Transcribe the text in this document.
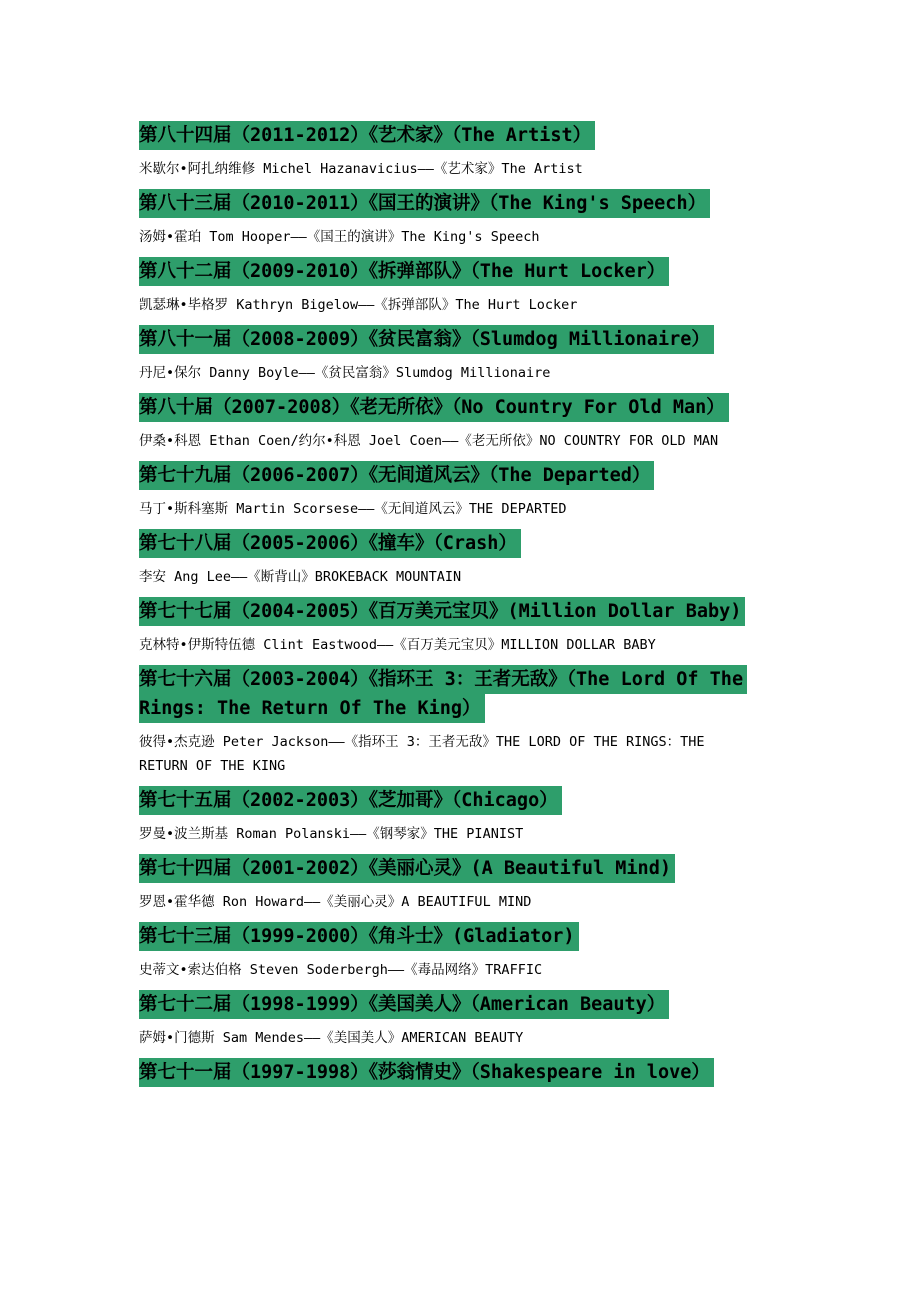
第八十四届（2011-2012）《艺术家》（The Artist）
米歇尔•阿扎纳维修 Michel Hazanavicius——《艺术家》The Artist
第八十三届（2010-2011）《国王的演讲》（The King's Speech）
汤姆•霍珀 Tom Hooper——《国王的演讲》The King's Speech
第八十二届（2009-2010）《拆弹部队》（The Hurt Locker）
凯瑟琳•毕格罗 Kathryn Bigelow——《拆弹部队》The Hurt Locker
第八十一届（2008-2009）《贫民富翁》（Slumdog Millionaire）
丹尼•保尔 Danny Boyle——《贫民富翁》Slumdog Millionaire
第八十届（2007-2008）《老无所依》（No Country For Old Man）
伊桑•科恩 Ethan Coen/约尔•科恩 Joel Coen——《老无所依》NO COUNTRY FOR OLD MAN
第七十九届（2006-2007）《无间道风云》（The Departed）
马丁•斯科塞斯 Martin Scorsese——《无间道风云》THE DEPARTED
第七十八届（2005-2006）《撞车》（Crash）
李安 Ang Lee——《断背山》BROKEBACK MOUNTAIN
第七十七届（2004-2005）《百万美元宝贝》(Million Dollar Baby)
克林特•伊斯特伍德 Clint Eastwood——《百万美元宝贝》MILLION DOLLAR BABY
第七十六届（2003-2004）《指环王 3：王者无敌》（The Lord Of The
Rings: The Return Of The King）
彼得•杰克逊 Peter Jackson——《指环王 3：王者无敌》THE LORD OF THE RINGS：THE
RETURN OF THE KING
第七十五届（2002-2003）《芝加哥》（Chicago）
罗曼•波兰斯基 Roman Polanski——《钢琴家》THE PIANIST
第七十四届（2001-2002）《美丽心灵》(A Beautiful Mind)
罗恩•霍华德 Ron Howard——《美丽心灵》A BEAUTIFUL MIND
第七十三届（1999-2000）《角斗士》(Gladiator)
史蒂文•索达伯格 Steven Soderbergh——《毒品网络》TRAFFIC
第七十二届（1998-1999）《美国美人》（American Beauty）
萨姆•门德斯 Sam Mendes——《美国美人》AMERICAN BEAUTY
第七十一届（1997-1998）《莎翁情史》（Shakespeare in love）
